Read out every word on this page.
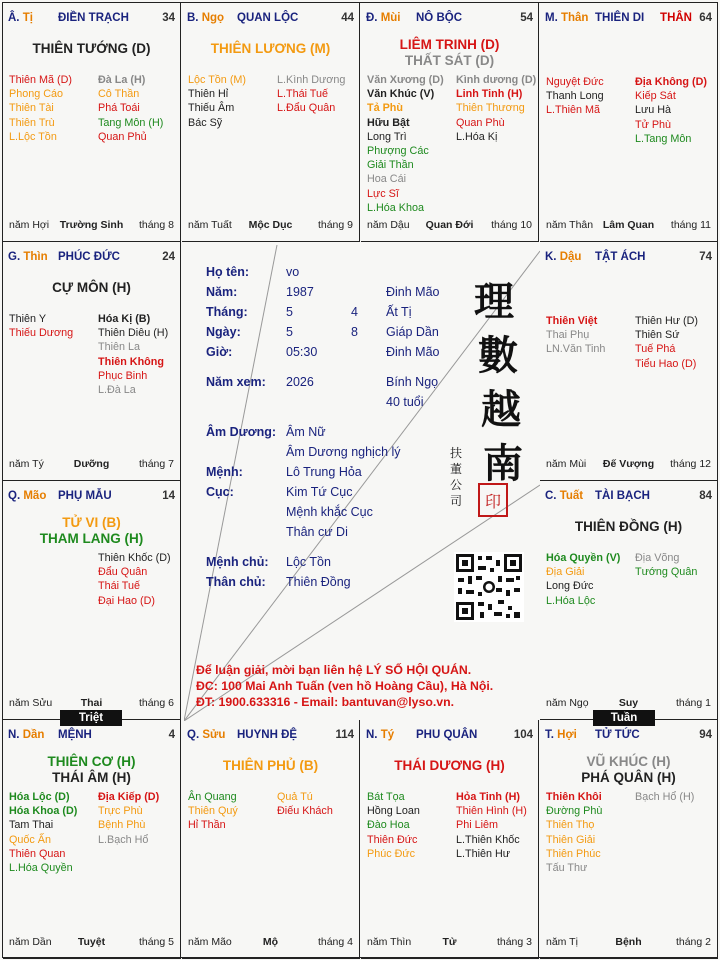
Â. Tị ĐIỀN TRẠCH	34
THIÊN TƯỚNG (D)
Thiên Mã (D)
Phong Cáo
Thiên Tài
Thiên Trù
L.Lộc Tồn
Đà La (H)
Cô Thần
Phá Toái
Tang Môn (H)
Quan Phủ
năm Hợi	Trường Sinh	tháng 8
B. Ngọ QUAN LỘC	44
THIÊN LƯƠNG (M)
Lộc Tồn (M)
Thiên Hỉ
Thiếu Âm
Bác Sỹ
L.Kình Dương
L.Thái Tuế
L.Đẩu Quân
năm Tuất	Mộc Dục	tháng 9
Đ. Mùi NÔ BỘC	54
LIÊM TRINH (D)
THẤT SÁT (D)
Văn Xương (D)
Văn Khúc (V)
Tả Phù
Hữu Bật
Long Trì
Phượng Các
Giải Thần
Hoa Cái
Lực Sĩ
L.Hóa Khoa
Kình dương (D)
Linh Tinh (H)
Thiên Thương
Quan Phù
L.Hóa Kị
năm Dậu	Quan Đới	tháng 10
M. Thân THIÊN DI THÂN 64
Nguyệt Đức
Thanh Long
L.Thiên Mã
Địa Không (D)
Kiếp Sát
Lưu Hà
Tử Phù
L.Tang Môn
năm Thân Lâm Quan	tháng 11
G. Thìn PHÚC ĐỨC	24
CỰ MÔN (H)
Thiên Y
Thiếu Dương
Hóa Kị (B)
Thiên Diêu (H)
Thiên La
Thiên Không
Phục Binh
L.Đà La
năm Tý	Dưỡng	tháng 7
K. Dậu TẬT ÁCH	74
Thiên Việt
Thai Phụ
LN.Văn Tinh
Thiên Hư (D)
Thiên Sứ
Tuế Phá
Tiểu Hao (D)
năm Mùi	Đế Vượng	tháng 12
Q. Mão PHỤ MẪU	14
TỬ VI (B)
THAM LANG (H)
Thiên Khốc (D)
Đẩu Quân
Thái Tuế
Đại Hao (D)
năm Sửu	Thai	tháng 6
C. Tuất TÀI BẠCH	84
THIÊN ĐỒNG (H)
Hóa Quyền (V)
Địa Giải
Long Đức
L.Hóa Lộc
Địa Võng
Tướng Quân
năm Ngọ	Suy	tháng 1
N. Dần MỆNH	4
THIÊN CƠ (H)
THÁI ÂM (H)
Hóa Lộc (D)
Hóa Khoa (D)
Tam Thai
Quốc Ấn
Thiên Quan
L.Hóa Quyền
Địa Kiếp (D)
Trực Phù
Bệnh Phù
L.Bạch Hổ
năm Dần	Tuyệt	tháng 5
Q. Sửu HUYNH ĐỆ	114
THIÊN PHỦ (B)
Ân Quang
Thiên Quý
Hỉ Thần
Quả Tú
Điếu Khách
năm Mão	Mộ	tháng 4
N. Tý PHU QUÂN	104
THÁI DƯƠNG (H)
Bát Tọa
Hồng Loan
Đào Hoa
Thiên Đức
Phúc Đức
Hỏa Tinh (H)
Thiên Hình (H)
Phi Liêm
L.Thiên Khốc
L.Thiên Hư
năm Thìn	Tử	tháng 3
T. Hợi TỬ TỨC	94
VŨ KHÚC (H)
PHÁ QUÂN (H)
Thiên Khôi
Đường Phù
Thiên Thọ
Thiên Giải
Thiên Phúc
Tấu Thư
Bạch Hổ (H)
năm Tị	Bệnh	tháng 2
Họ tên:	vo
Năm:	1987	Đinh Mão
Tháng:	5	4 Ất Tị
Ngày:	5	8 Giáp Dần
Giờ:	05:30	Đinh Mão
Năm xem: 2026	Bính Ngọ
40 tuổi
Âm Dương: Âm Nữ
Âm Dương nghịch lý
Mệnh:	Lô Trung Hỏa
Cục:	Kim Tứ Cục
Mệnh khắc Cục
Thân cư Di
Mệnh chủ: Lộc Tồn
Thân chủ: Thiên Đồng
理
數
越
南
扶董公司	印
Để luận giải, mời bạn liên hệ LÝ SỐ HỘI QUÁN.
ĐC: 100 Mai Anh Tuấn (ven hồ Hoàng Cầu), Hà Nội.
ĐT: 1900.633316 - Email: bantuvan@lyso.vn.
Triệt	Tuần
